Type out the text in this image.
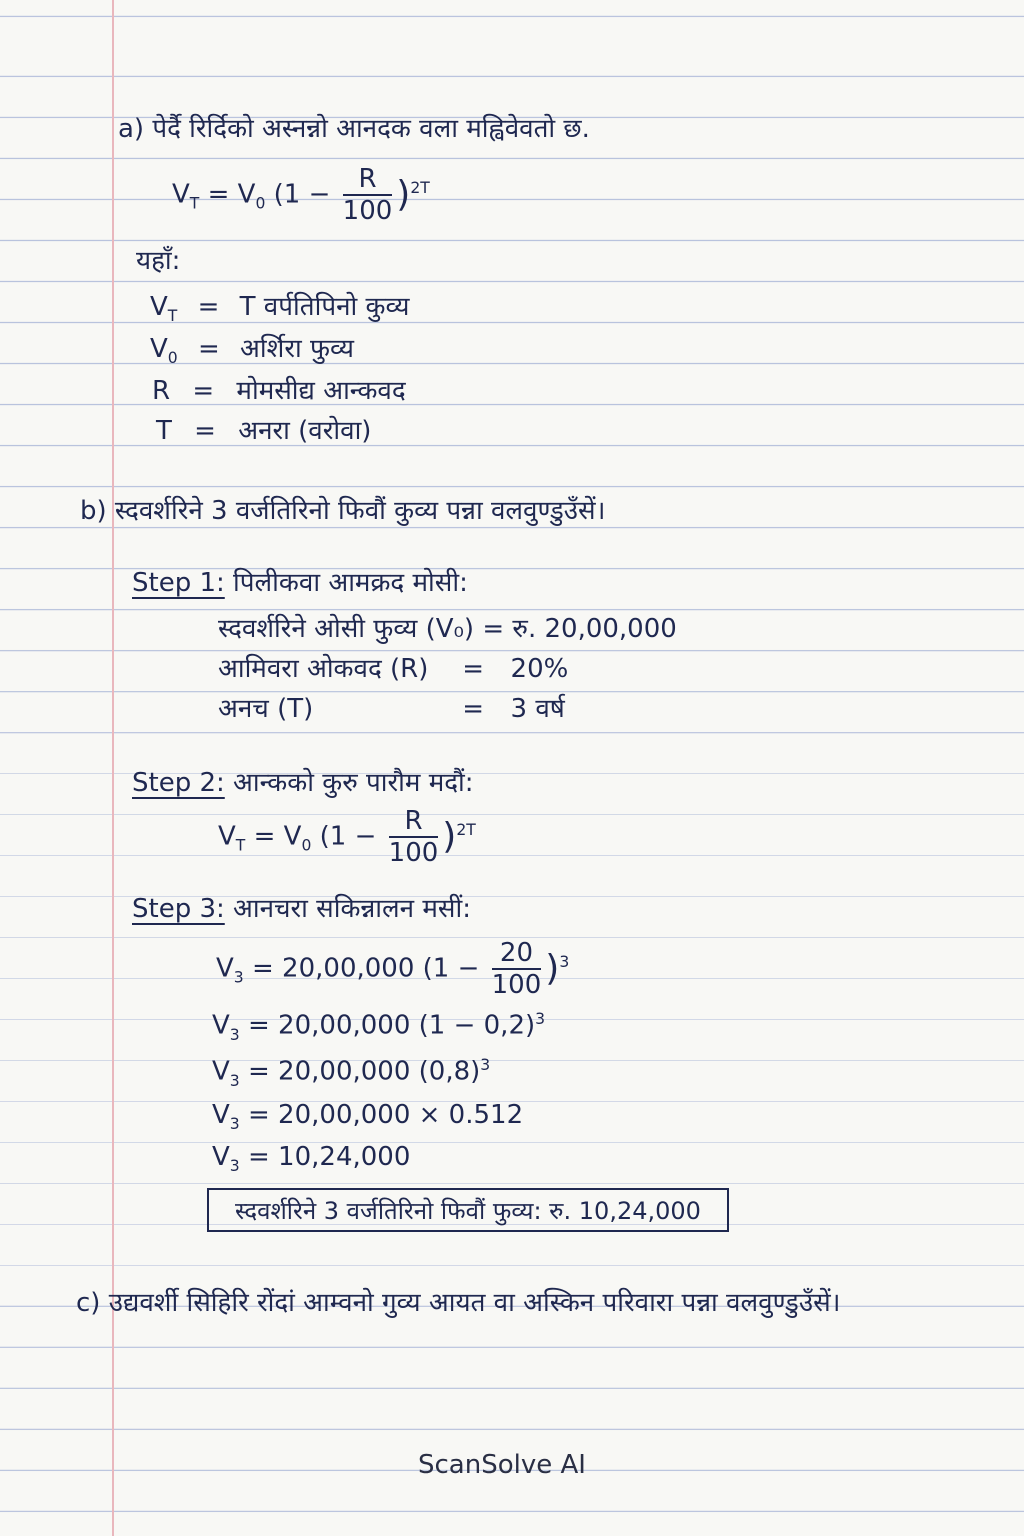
a) पेर्दै रिर्दिको अस्नन्नो आनदक वला मह्विवेवतो छ.
$V_T = V_0$ $(1 - \frac{R}{100} )^{2T}$
यहाँ:
$V_T = T$ वर्पतिपिनो कुव्य
$V_0$ = अर्शिरा फुव्य
R = मोमसीद्य आन्कवद
T = अनरा (वरोवा)
b) स्दवर्शरिने 3 वर्जतिरिनो फिवौं कुव्य पन्ना वलवुण्डुउँसें।
Step 1: पिलीकवा आमक्रद मोसी:
स्दवर्शरिने ओसी फुव्य (V₀) = रु. 20,00,000
आमिवरा ओकवद (R) = 20%
अनच (T)	= 3 वर्ष
Step 2: आन्कको कुरु पारौम मदौं:
$V_T = V_0$ $(1 - \frac{R}{100} )^{2T}$
Step 3: आनचरा सकिन्नालन मसीं:
$V_3 = 20,00,000$ $(1 - \frac{20}{100} )^3$
$V_3 = 20,00,000$ $(1 - 0,2)^3$
$V_3 = 20,00,000$ $(0,8)^3$
$V_3 = 20,00,000 \times 0.512$
$V_3 = 10,24,000$
स्दवर्शरिने 3 वर्जतिरिनो फिवौं फुव्य: रु. 10,24,000
c) उद्यवर्शी सिहिरि रोंदां आम्वनो गुव्य आयत वा अस्किन परिवारा पन्ना वलवुण्डुउँसें।
ScanSolve AI
